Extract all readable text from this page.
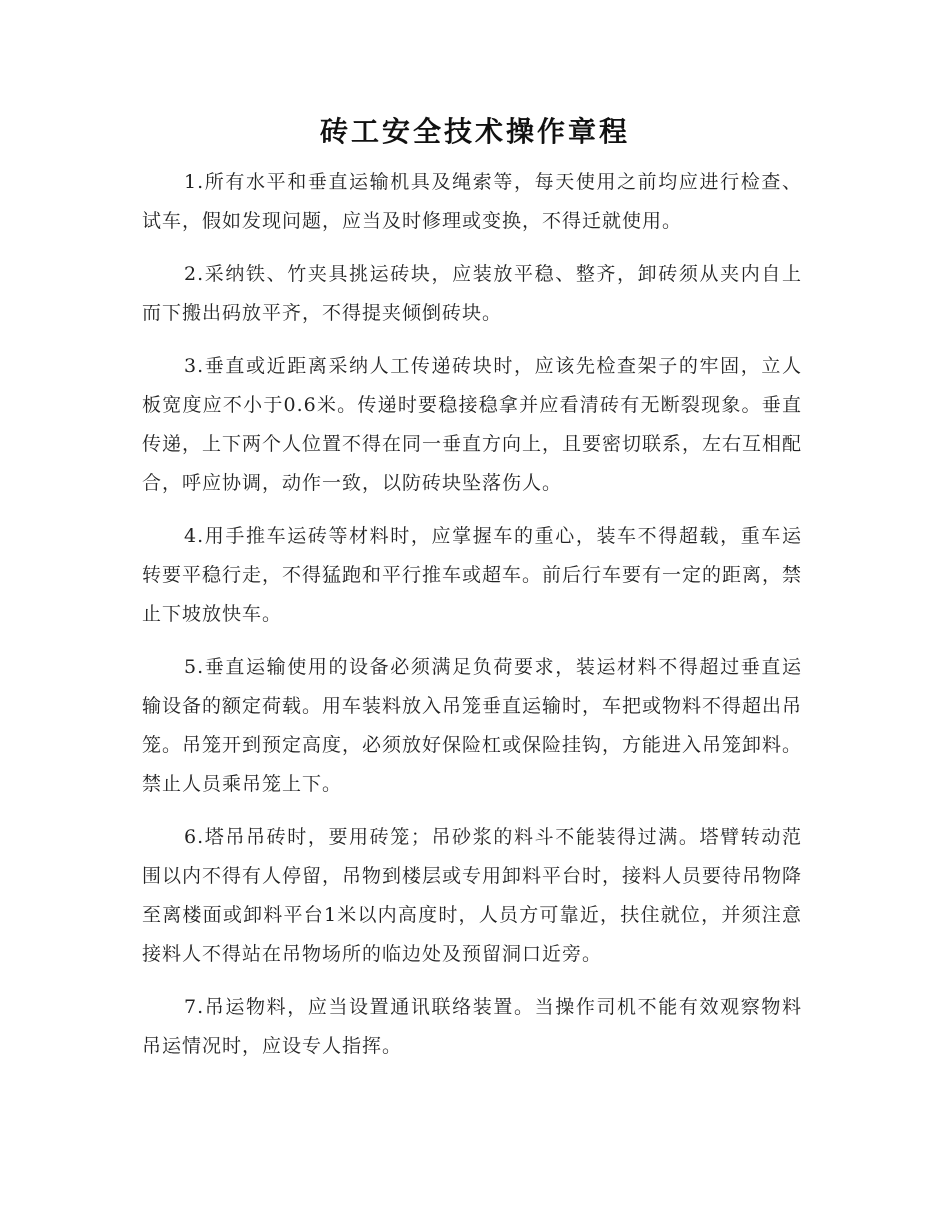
砖工安全技术操作章程

1.所有水平和垂直运输机具及绳索等，每天使用之前均应进行检查、试车，假如发现问题，应当及时修理或变换，不得迁就使用。

2.采纳铁、竹夹具挑运砖块，应装放平稳、整齐，卸砖须从夹内自上而下搬出码放平齐，不得提夹倾倒砖块。

3.垂直或近距离采纳人工传递砖块时，应该先检查架子的牢固，立人板宽度应不小于0.6米。传递时要稳接稳拿并应看清砖有无断裂现象。垂直传递，上下两个人位置不得在同一垂直方向上，且要密切联系，左右互相配合，呼应协调，动作一致，以防砖块坠落伤人。

4.用手推车运砖等材料时，应掌握车的重心，装车不得超载，重车运转要平稳行走，不得猛跑和平行推车或超车。前后行车要有一定的距离，禁止下坡放快车。

5.垂直运输使用的设备必须满足负荷要求，装运材料不得超过垂直运输设备的额定荷载。用车装料放入吊笼垂直运输时，车把或物料不得超出吊笼。吊笼开到预定高度，必须放好保险杠或保险挂钩，方能进入吊笼卸料。禁止人员乘吊笼上下。

6.塔吊吊砖时，要用砖笼；吊砂浆的料斗不能装得过满。塔臂转动范围以内不得有人停留，吊物到楼层或专用卸料平台时，接料人员要待吊物降至离楼面或卸料平台1米以内高度时，人员方可靠近，扶住就位，并须注意接料人不得站在吊物场所的临边处及预留洞口近旁。

7.吊运物料，应当设置通讯联络装置。当操作司机不能有效观察物料吊运情况时，应设专人指挥。
